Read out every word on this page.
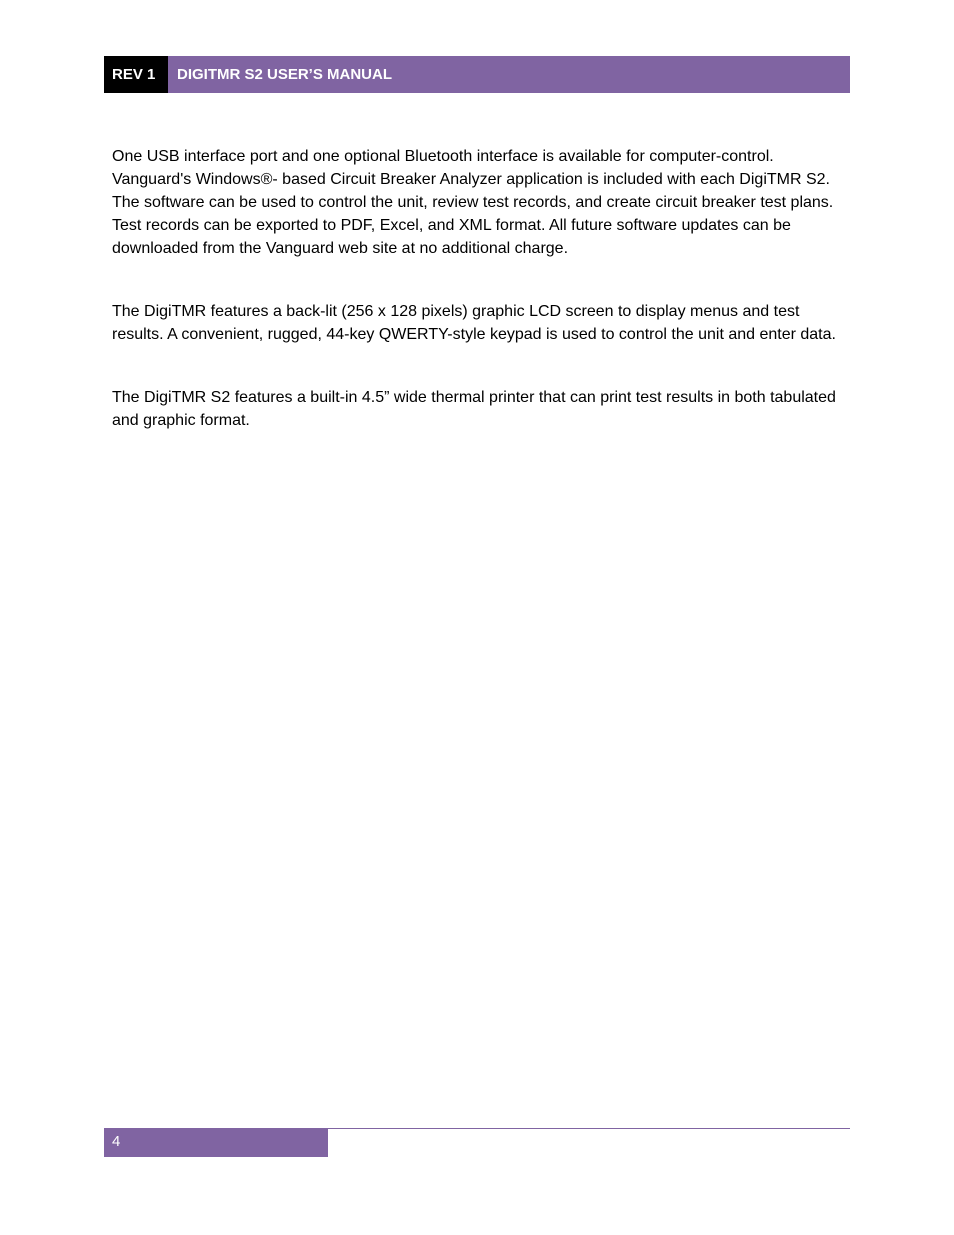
REV 1	DIGITMR S2 USER’S MANUAL

One USB interface port and one optional Bluetooth interface is available for computer-control. Vanguard's Windows®- based Circuit Breaker Analyzer application is included with each DigiTMR S2. The software can be used to control the unit, review test records, and create circuit breaker test plans. Test records can be exported to PDF, Excel, and XML format. All future software updates can be downloaded from the Vanguard web site at no additional charge.

The DigiTMR features a back-lit (256 x 128 pixels) graphic LCD screen to display menus and test results. A convenient, rugged, 44-key QWERTY-style keypad is used to control the unit and enter data.

The DigiTMR S2 features a built-in 4.5” wide thermal printer that can print test results in both tabulated and graphic format.

4
